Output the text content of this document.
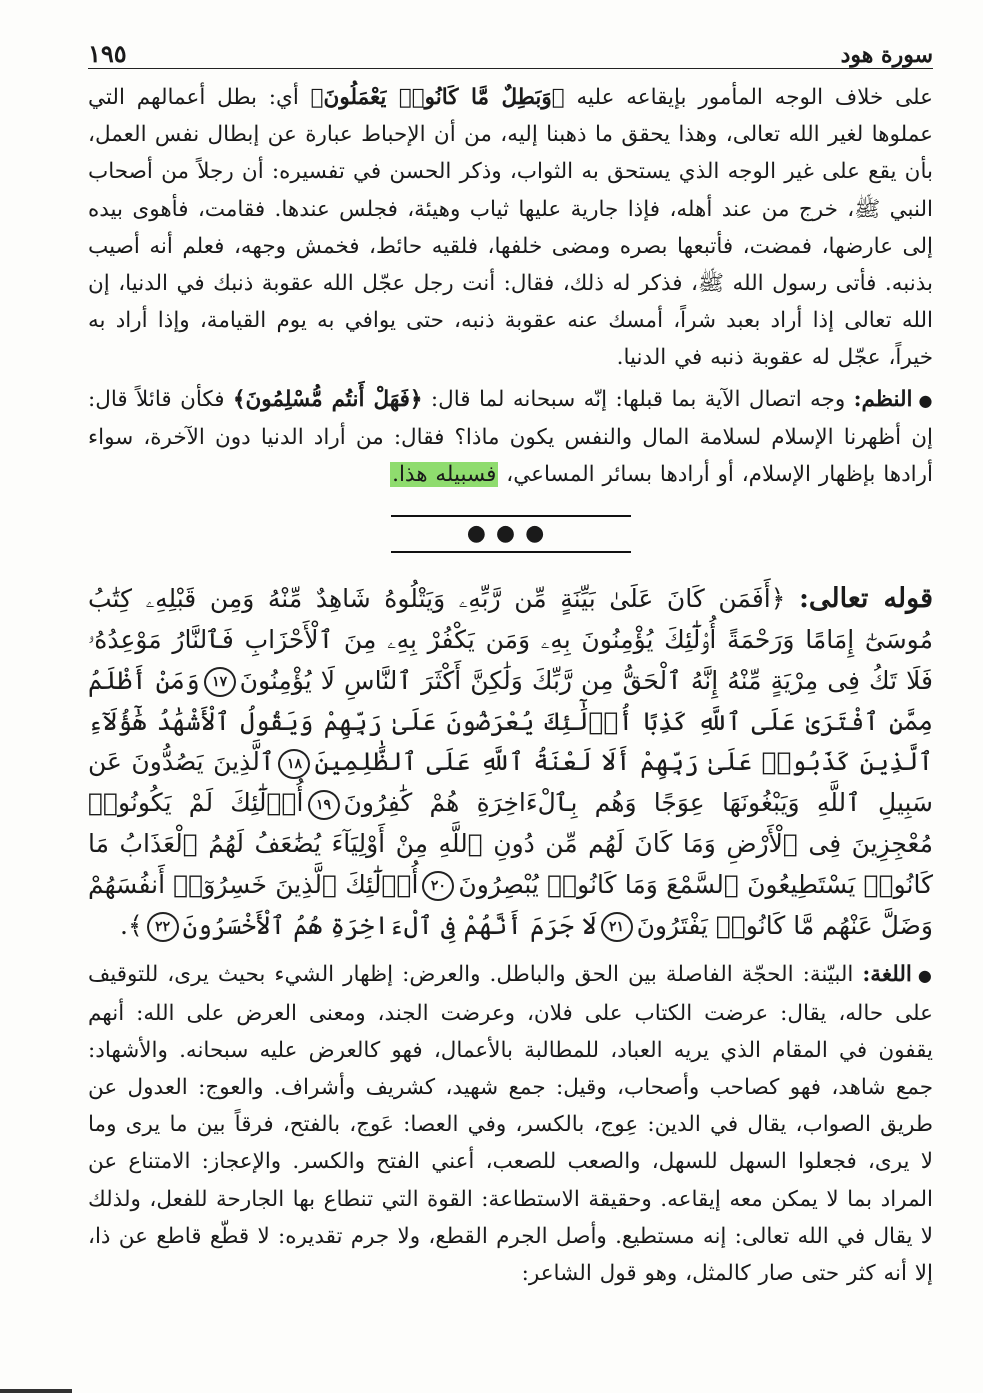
سورة هود
١٩٥

على خلاف الوجه المأمور بإيقاعه عليه ﴿وَبَطِلٌ مَّا كَانُوا۟ يَعْمَلُونَ﴾ أي: بطل أعمالهم التي عملوها لغير الله تعالى، وهذا يحقق ما ذهبنا إليه، من أن الإحباط عبارة عن إبطال نفس العمل، بأن يقع على غير الوجه الذي يستحق به الثواب، وذكر الحسن في تفسيره: أن رجلاً من أصحاب النبي ﷺ، خرج من عند أهله، فإذا جارية عليها ثياب وهيئة، فجلس عندها. فقامت، فأهوى بيده إلى عارضها، فمضت، فأتبعها بصره ومضى خلفها، فلقيه حائط، فخمش وجهه، فعلم أنه أصيب بذنبه. فأتى رسول الله ﷺ، فذكر له ذلك، فقال: أنت رجل عجّل الله عقوبة ذنبك في الدنيا، إن الله تعالى إذا أراد بعبد شراً، أمسك عنه عقوبة ذنبه، حتى يوافي به يوم القيامة، وإذا أراد به خيراً، عجّل له عقوبة ذنبه في الدنيا.

●النظم: وجه اتصال الآية بما قبلها: إنّه سبحانه لما قال: ﴿فَهَلْ أَنتُم مُّسْلِمُونَ﴾ فكأن قائلاً قال: إن أظهرنا الإسلام لسلامة المال والنفس يكون ماذا؟ فقال: من أراد الدنيا دون الآخرة، سواء أرادها بإظهار الإسلام، أو أرادها بسائر المساعي، فسبيله هذا.

●●●

قوله تعالى: ﴿أَفَمَن كَانَ عَلَىٰ بَيِّنَةٍ مِّن رَّبِّهِۦ وَيَتْلُوهُ شَاهِدٌ مِّنْهُ وَمِن قَبْلِهِۦ كِتَٰبُ مُوسَىٰٓ إِمَامًا وَرَحْمَةً أُو۟لَٰٓئِكَ يُؤْمِنُونَ بِهِۦ وَمَن يَكْفُرْ بِهِۦ مِنَ ٱلْأَحْزَابِ فَٱلنَّارُ مَوْعِدُهُۥ فَلَا تَكُ فِى مِرْيَةٍ مِّنْهُ إِنَّهُ ٱلْحَقُّ مِن رَّبِّكَ وَلَٰكِنَّ أَكْثَرَ ٱلنَّاسِ لَا يُؤْمِنُونَ١٧وَمَنْ أَظْلَمُ مِمَّنِ ٱفْتَرَىٰ عَلَى ٱللَّهِ كَذِبًا أُو۟لَٰٓئِكَ يُعْرَضُونَ عَلَىٰ رَبِّهِمْ وَيَقُولُ ٱلْأَشْهَٰدُ هَٰٓؤُلَآءِ ٱلَّذِينَ كَذَبُوا۟ عَلَىٰ رَبِّهِمْ أَلَا لَعْنَةُ ٱللَّهِ عَلَى ٱلظَّٰلِمِينَ١٨ٱلَّذِينَ يَصُدُّونَ عَن سَبِيلِ ٱللَّهِ وَيَبْغُونَهَا عِوَجًا وَهُم بِٱلْءَاخِرَةِ هُمْ كَٰفِرُونَ١٩أُو۟لَٰٓئِكَ لَمْ يَكُونُوا۟ مُعْجِزِينَ فِى ٱلْأَرْضِ وَمَا كَانَ لَهُم مِّن دُونِ ٱللَّهِ مِنْ أَوْلِيَآءَ يُضَٰعَفُ لَهُمُ ٱلْعَذَابُ مَا كَانُوا۟ يَسْتَطِيعُونَ ٱلسَّمْعَ وَمَا كَانُوا۟ يُبْصِرُونَ٢٠أُو۟لَٰٓئِكَ ٱلَّذِينَ خَسِرُوٓا۟ أَنفُسَهُمْ وَضَلَّ عَنْهُم مَّا كَانُوا۟ يَفْتَرُونَ٢١لَا جَرَمَ أَنَّهُمْ فِى ٱلْءَاخِرَةِ هُمُ ٱلْأَخْسَرُونَ٢٢﴾.

●اللغة: البيّنة: الحجّة الفاصلة بين الحق والباطل. والعرض: إظهار الشيء بحيث يرى، للتوقيف على حاله، يقال: عرضت الكتاب على فلان، وعرضت الجند، ومعنى العرض على الله: أنهم يقفون في المقام الذي يريه العباد، للمطالبة بالأعمال، فهو كالعرض عليه سبحانه. والأشهاد: جمع شاهد، فهو كصاحب وأصحاب، وقيل: جمع شهيد، كشريف وأشراف. والعوج: العدول عن طريق الصواب، يقال في الدين: عِوج، بالكسر، وفي العصا: عَوج، بالفتح، فرقاً بين ما يرى وما لا يرى، فجعلوا السهل للسهل، والصعب للصعب، أعني الفتح والكسر. والإعجاز: الامتناع عن المراد بما لا يمكن معه إيقاعه. وحقيقة الاستطاعة: القوة التي تنطاع بها الجارحة للفعل، ولذلك لا يقال في الله تعالى: إنه مستطيع. وأصل الجرم القطع، ولا جرم تقديره: لا قطّع قاطع عن ذا، إلا أنه كثر حتى صار كالمثل، وهو قول الشاعر:
